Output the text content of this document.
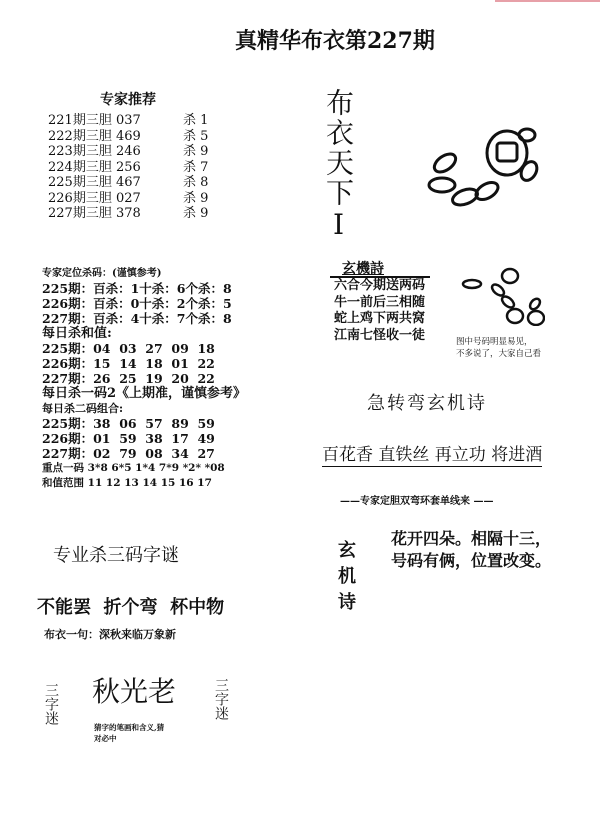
真精华布衣第227期
专家推荐
221期三胆 037	杀 1
222期三胆 469	杀 5
223期三胆 246	杀 9
224期三胆 256	杀 7
225期三胆 467	杀 8
226期三胆 027	杀 9
227期三胆 378	杀 9
专家定位杀码：(谨慎参考)
225期：百杀：1十杀：6个杀：8
226期：百杀：0十杀：2个杀：5
227期：百杀：4十杀：7个杀：8
每日杀和值:
225期：04  03  27  09  18
226期：15  14  18  01  22
227期：26  25  19  20  22
每日杀一码2《上期准，谨慎参考》
每日杀二码组合:
225期：38  06  57  89  59
226期：01  59  38  17  49
227期：02  79  08  34  27
重点一码 3*8 6*5 1*4 7*9 *2* *08
和值范围 11 12 13 14 15 16 17
布衣天下I
玄機詩
六合今期送两码
牛一前后三相随
蛇上鸡下两共窝
江南七怪收一徒	图中号码明显易见，
不多说了，大家自己看
急转弯玄机诗
百花香 直铁丝 再立功 将进酒
——专家定胆双弯环套单线来 ——
花开四朵。相隔十三，
号码有俩，位置改变。
玄机诗
专业杀三码字谜
不能罢  折个弯  杯中物
布衣一句：深秋来临万象新
秋光老
三字迷	三字迷
猜字的笔画和含义,猜
对必中
